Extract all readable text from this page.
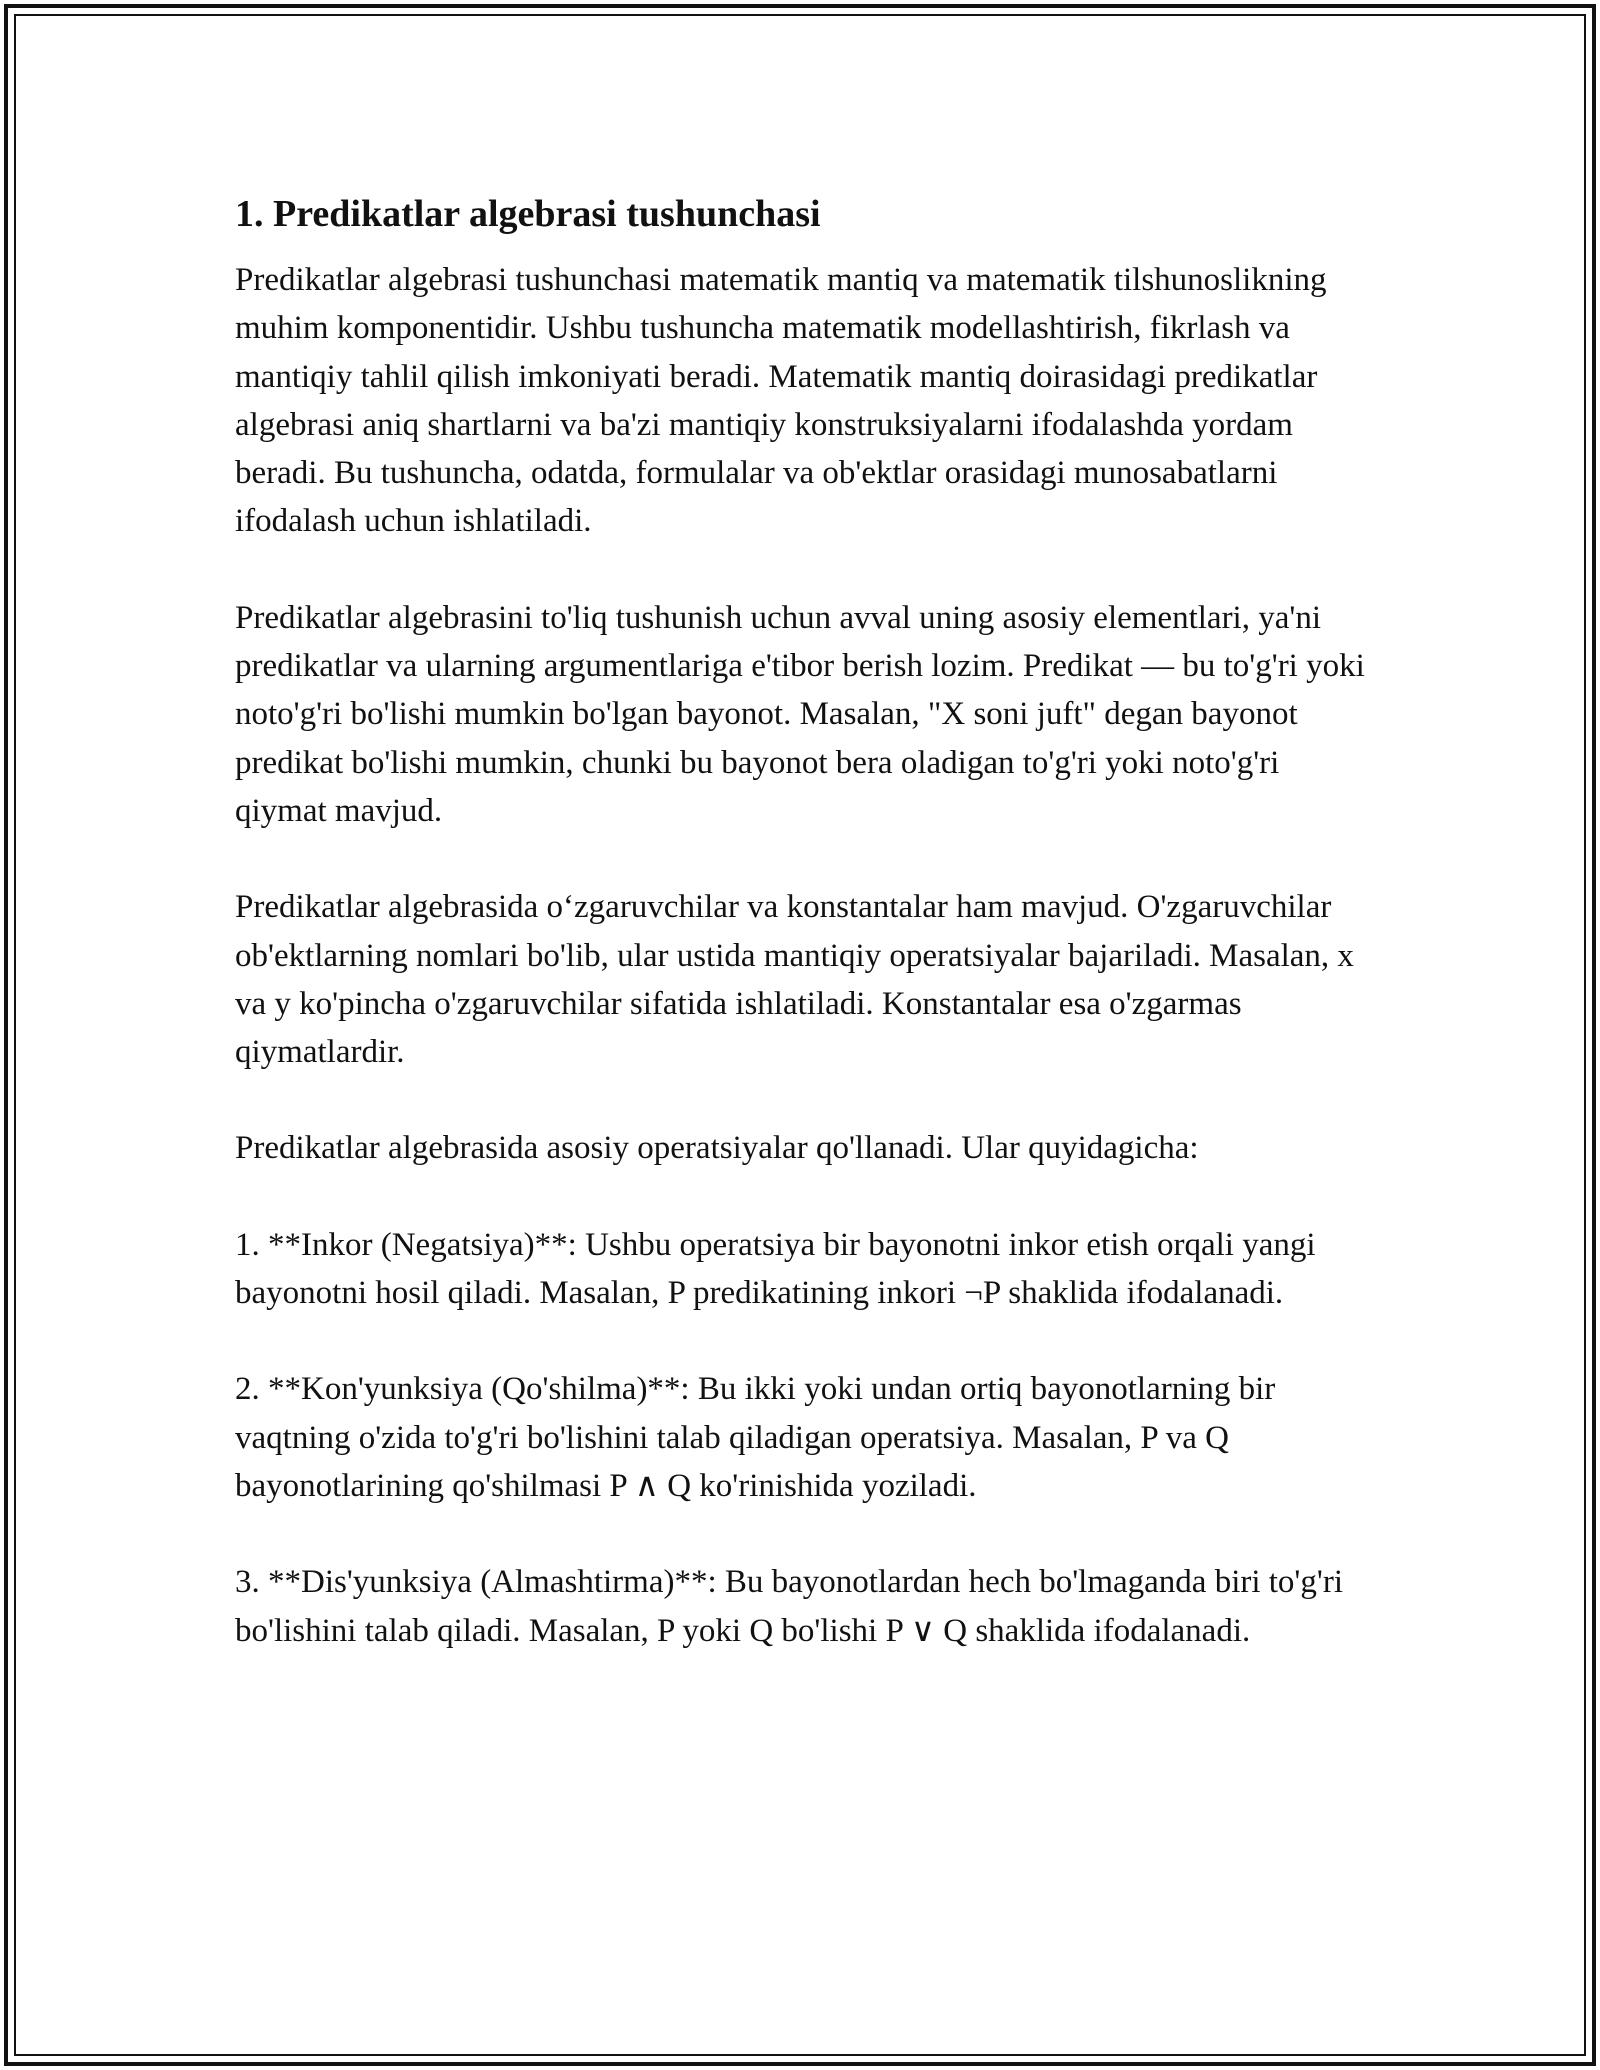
1. Predikatlar algebrasi tushunchasi

Predikatlar algebrasi tushunchasi matematik mantiq va matematik tilshunoslikning muhim komponentidir. Ushbu tushuncha matematik modellashtirish, fikrlash va mantiqiy tahlil qilish imkoniyati beradi. Matematik mantiq doirasidagi predikatlar algebrasi aniq shartlarni va ba'zi mantiqiy konstruksiyalarni ifodalashda yordam beradi. Bu tushuncha, odatda, formulalar va ob'ektlar orasidagi munosabatlarni ifodalash uchun ishlatiladi.

Predikatlar algebrasini to'liq tushunish uchun avval uning asosiy elementlari, ya'ni predikatlar va ularning argumentlariga e'tibor berish lozim. Predikat — bu to'g'ri yoki noto'g'ri bo'lishi mumkin bo'lgan bayonot. Masalan, "X soni juft" degan bayonot predikat bo'lishi mumkin, chunki bu bayonot bera oladigan to'g'ri yoki noto'g'ri qiymat mavjud.

Predikatlar algebrasida o‘zgaruvchilar va konstantalar ham mavjud. O'zgaruvchilar ob'ektlarning nomlari bo'lib, ular ustida mantiqiy operatsiyalar bajariladi. Masalan, x va y ko'pincha o'zgaruvchilar sifatida ishlatiladi. Konstantalar esa o'zgarmas qiymatlardir.

Predikatlar algebrasida asosiy operatsiyalar qo'llanadi. Ular quyidagicha:

1. **Inkor (Negatsiya)**: Ushbu operatsiya bir bayonotni inkor etish orqali yangi bayonotni hosil qiladi. Masalan, P predikatining inkori ¬P shaklida ifodalanadi.

2. **Kon'yunksiya (Qo'shilma)**: Bu ikki yoki undan ortiq bayonotlarning bir vaqtning o'zida to'g'ri bo'lishini talab qiladigan operatsiya. Masalan, P va Q bayonotlarining qo'shilmasi P ∧ Q ko'rinishida yoziladi.

3. **Dis'yunksiya (Almashtirma)**: Bu bayonotlardan hech bo'lmaganda biri to'g'ri bo'lishini talab qiladi. Masalan, P yoki Q bo'lishi P ∨ Q shaklida ifodalanadi.
